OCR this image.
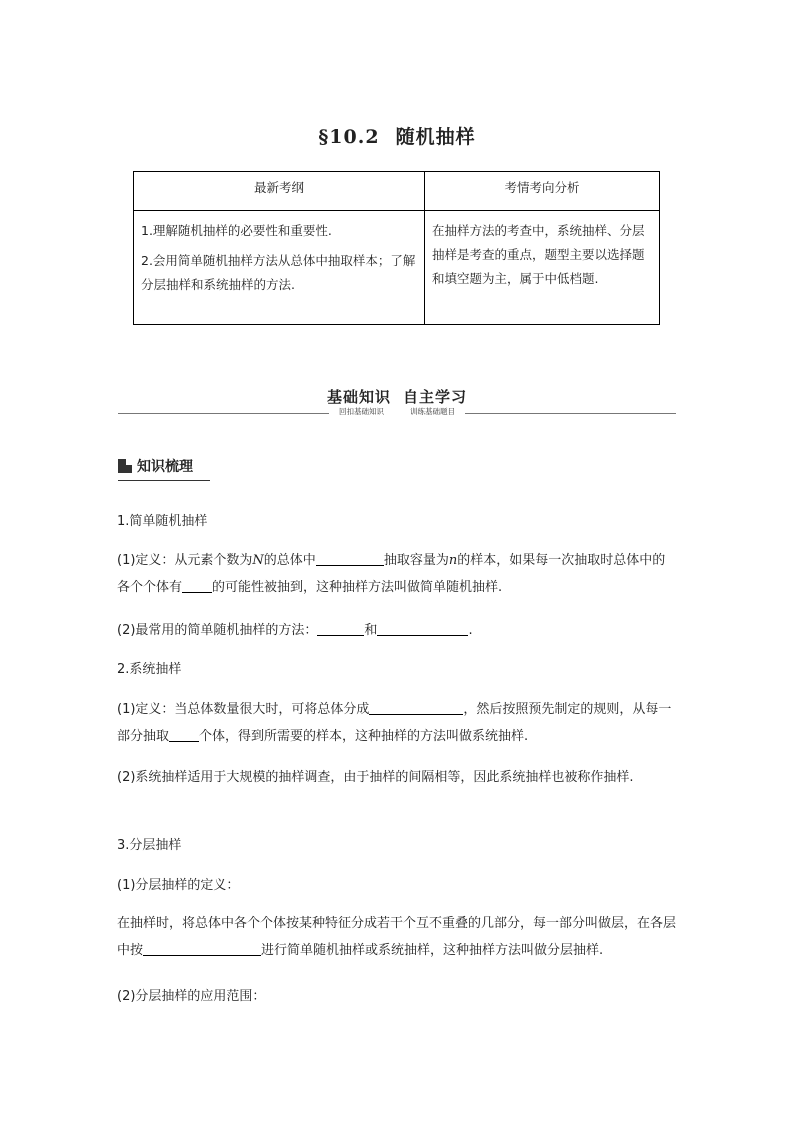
§10.2 随机抽样
最新考纲	考情考向分析

1.理解随机抽样的必要性和重要性.

2.会用简单随机抽样方法从总体中抽取样本；了解分层抽样和系统抽样的方法.	在抽样方法的考查中，系统抽样、分层抽样是考查的重点，题型主要以选择题和填空题为主，属于中低档题.
基础知识 自主学习
回扣基础知识	训练基础题目
知识梳理
1.简单随机抽样
(1)定义：从元素个数为N的总体中	抽取容量为n的样本，如果每一次抽取时总体中的各个个体有 的可能性被抽到，这种抽样方法叫做简单随机抽样.
(2)最常用的简单随机抽样的方法：	和	.
2.系统抽样
(1)定义：当总体数量很大时，可将总体分成	，然后按照预先制定的规则，从每一部分抽取 个体，得到所需要的样本，这种抽样的方法叫做系统抽样.
(2)系统抽样适用于大规模的抽样调查，由于抽样的间隔相等，因此系统抽样也被称作抽样.
3.分层抽样
(1)分层抽样的定义：
在抽样时，将总体中各个个体按某种特征分成若干个互不重叠的几部分，每一部分叫做层，在各层中按	进行简单随机抽样或系统抽样，这种抽样方法叫做分层抽样.
(2)分层抽样的应用范围：
